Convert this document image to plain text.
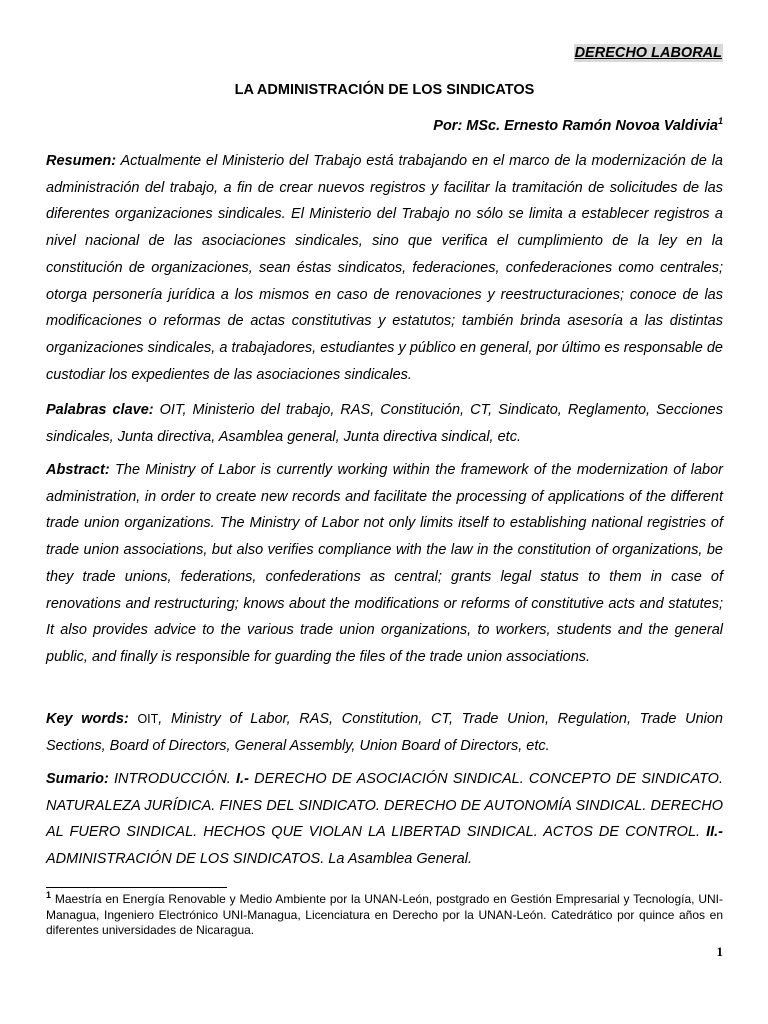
DERECHO LABORAL
LA ADMINISTRACIÓN DE LOS SINDICATOS
Por: MSc. Ernesto Ramón Novoa Valdivia$^1$
Resumen: Actualmente el Ministerio del Trabajo está trabajando en el marco de la modernización de la administración del trabajo, a fin de crear nuevos registros y facilitar la tramitación de solicitudes de las diferentes organizaciones sindicales. El Ministerio del Trabajo no sólo se limita a establecer registros a nivel nacional de las asociaciones sindicales, sino que verifica el cumplimiento de la ley en la constitución de organizaciones, sean éstas sindicatos, federaciones, confederaciones como centrales; otorga personería jurídica a los mismos en caso de renovaciones y reestructuraciones; conoce de las modificaciones o reformas de actas constitutivas y estatutos; también brinda asesoría a las distintas organizaciones sindicales, a trabajadores, estudiantes y público en general, por último es responsable de custodiar los expedientes de las asociaciones sindicales.
Palabras clave: OIT, Ministerio del trabajo, RAS, Constitución, CT, Sindicato, Reglamento, Secciones sindicales, Junta directiva, Asamblea general, Junta directiva sindical, etc.
Abstract: The Ministry of Labor is currently working within the framework of the modernization of labor administration, in order to create new records and facilitate the processing of applications of the different trade union organizations. The Ministry of Labor not only limits itself to establishing national registries of trade union associations, but also verifies compliance with the law in the constitution of organizations, be they trade unions, federations, confederations as central; grants legal status to them in case of renovations and restructuring; knows about the modifications or reforms of constitutive acts and statutes; It also provides advice to the various trade union organizations, to workers, students and the general public, and finally is responsible for guarding the files of the trade union associations.
Key words: OIT, Ministry of Labor, RAS, Constitution, CT, Trade Union, Regulation, Trade Union Sections, Board of Directors, General Assembly, Union Board of Directors, etc.
Sumario: INTRODUCCIÓN. I.- DERECHO DE ASOCIACIÓN SINDICAL. CONCEPTO DE SINDICATO. NATURALEZA JURÍDICA. FINES DEL SINDICATO. DERECHO DE AUTONOMÍA SINDICAL. DERECHO AL FUERO SINDICAL. HECHOS QUE VIOLAN LA LIBERTAD SINDICAL. ACTOS DE CONTROL. II.- ADMINISTRACIÓN DE LOS SINDICATOS. La Asamblea General.
$^1$ Maestría en Energía Renovable y Medio Ambiente por la UNAN-León, postgrado en Gestión Empresarial y Tecnología, UNI-Managua, Ingeniero Electrónico UNI-Managua, Licenciatura en Derecho por la UNAN-León. Catedrático por quince años en diferentes universidades de Nicaragua.
1
